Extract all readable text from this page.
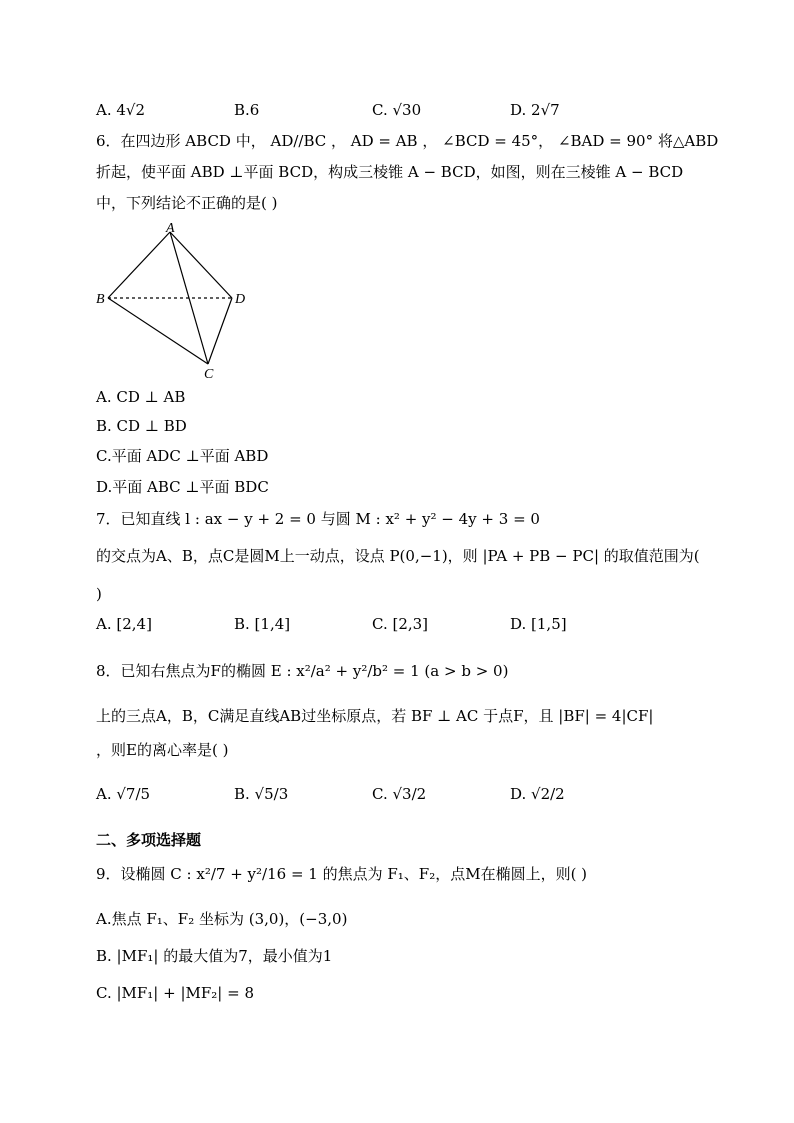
A. 4√2	B.6	C. √30	D. 2√7
6．在四边形 ABCD 中， AD//BC ， AD = AB ， ∠BCD = 45°， ∠BAD = 90° 将△ABD
折起，使平面 ABD ⊥平面 BCD，构成三棱锥 A − BCD，如图，则在三棱锥 A − BCD
中，下列结论不正确的是( )
A
B	D
C
A. CD ⊥ AB
B. CD ⊥ BD
C.平面 ADC ⊥平面 ABD
D.平面 ABC ⊥平面 BDC
7．已知直线 l : ax − y + 2 = 0 与圆 M : x² + y² − 4y + 3 = 0
的交点为A、B，点C是圆M上一动点，设点 P(0,−1)，则 |PA + PB − PC| 的取值范围为(
)
A. [2,4]	B. [1,4]	C. [2,3]	D. [1,5]
8．已知右焦点为F的椭圆 E : x²/a² + y²/b² = 1 (a > b > 0)
上的三点A，B，C满足直线AB过坐标原点，若 BF ⊥ AC 于点F，且 |BF| = 4|CF|
，则E的离心率是( )
A. √7/5	B. √5/3	C. √3/2	D. √2/2
二、多项选择题
9．设椭圆 C : x²/7 + y²/16 = 1 的焦点为 F₁、F₂，点M在椭圆上，则( )
A.焦点 F₁、F₂ 坐标为 (3,0)，(−3,0)
B. |MF₁| 的最大值为7，最小值为1
C. |MF₁| + |MF₂| = 8
